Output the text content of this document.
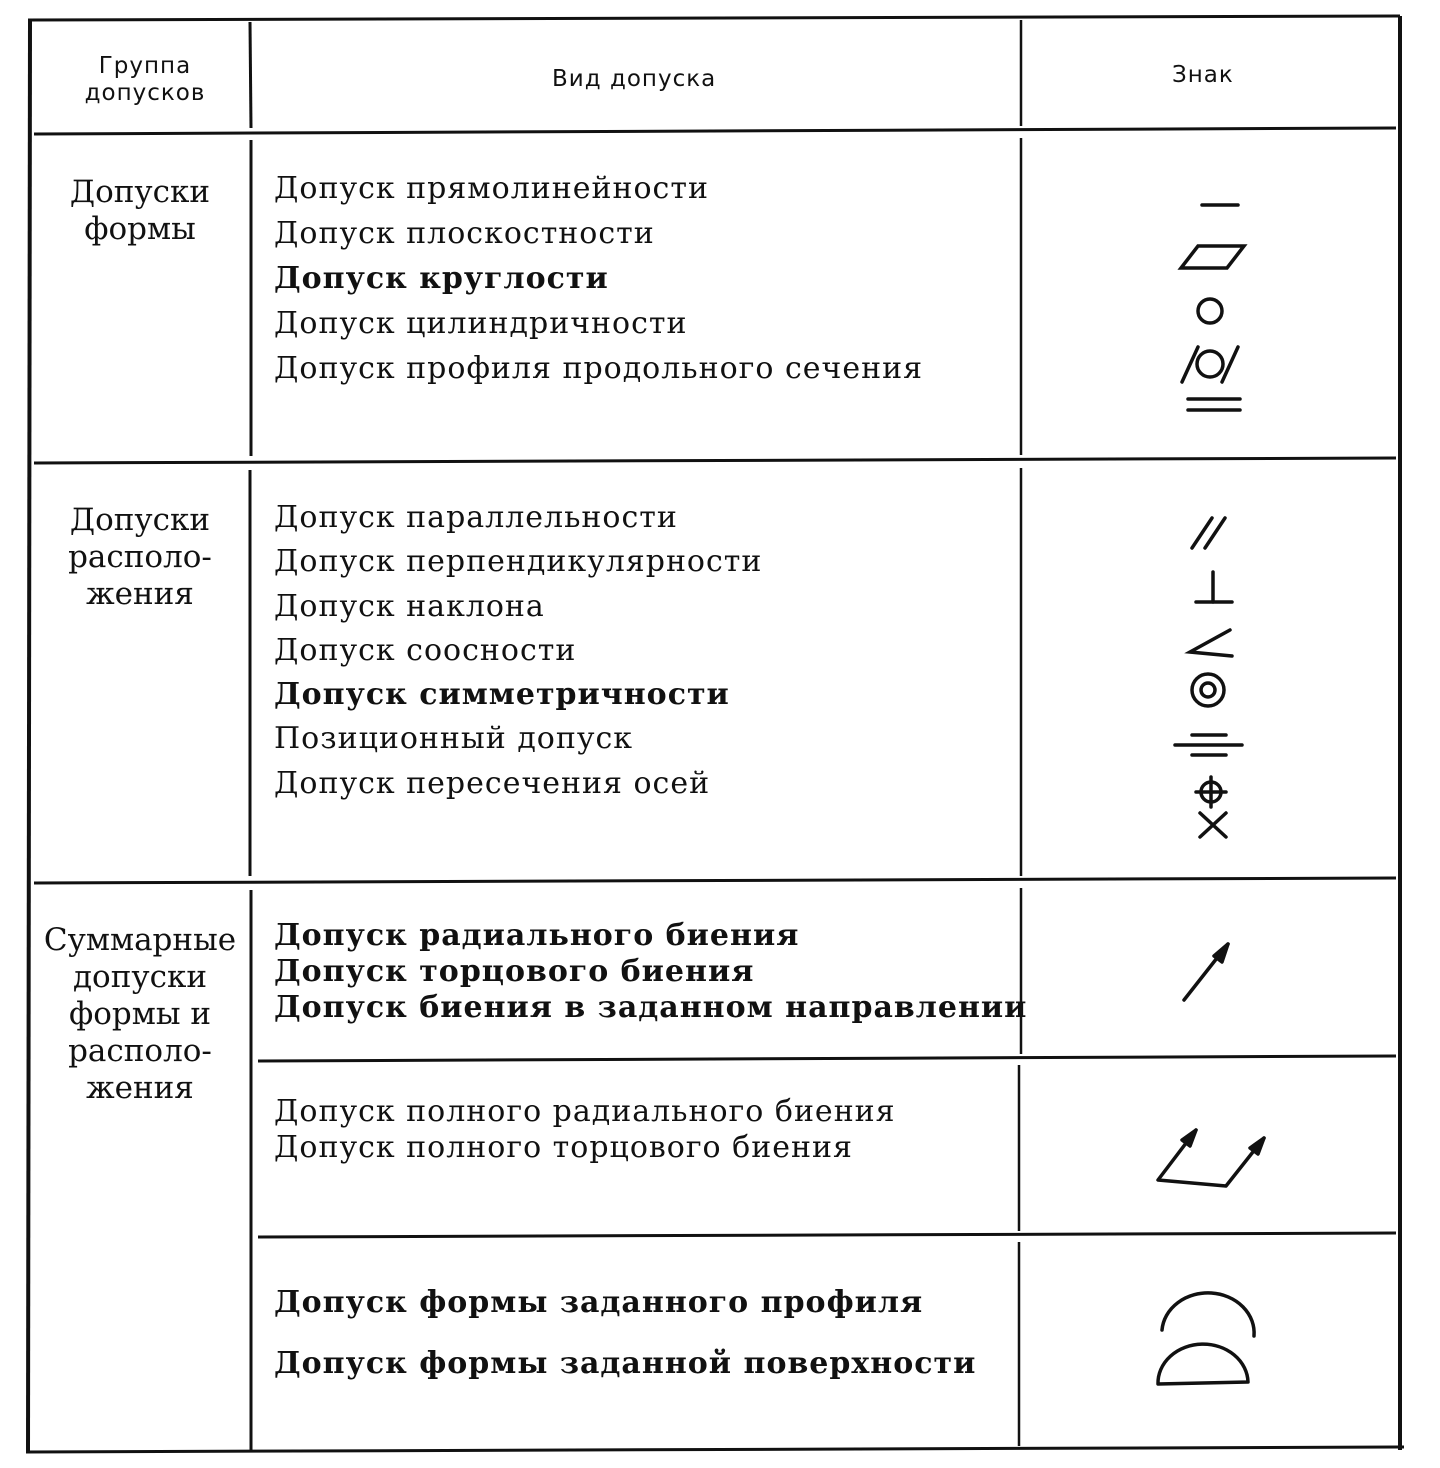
Группа
допусков
Вид допуска	Знак
Допуски
формы
Допуск прямолинейности
Допуск плоскостности
Допуск круглости
Допуск цилиндричности
Допуск профиля продольного сечения
Допуски
располо-
жения
Допуск параллельности
Допуск перпендикулярности
Допуск наклона
Допуск соосности
Допуск симметричности
Позиционный допуск
Допуск пересечения осей
Суммарные
допуски
формы и
располо-
жения
Допуск радиального биения
Допуск торцового биения
Допуск биения в заданном направлении
Допуск полного радиального биения
Допуск полного торцового биения
Допуск формы заданного профиля
Допуск формы заданной поверхности
